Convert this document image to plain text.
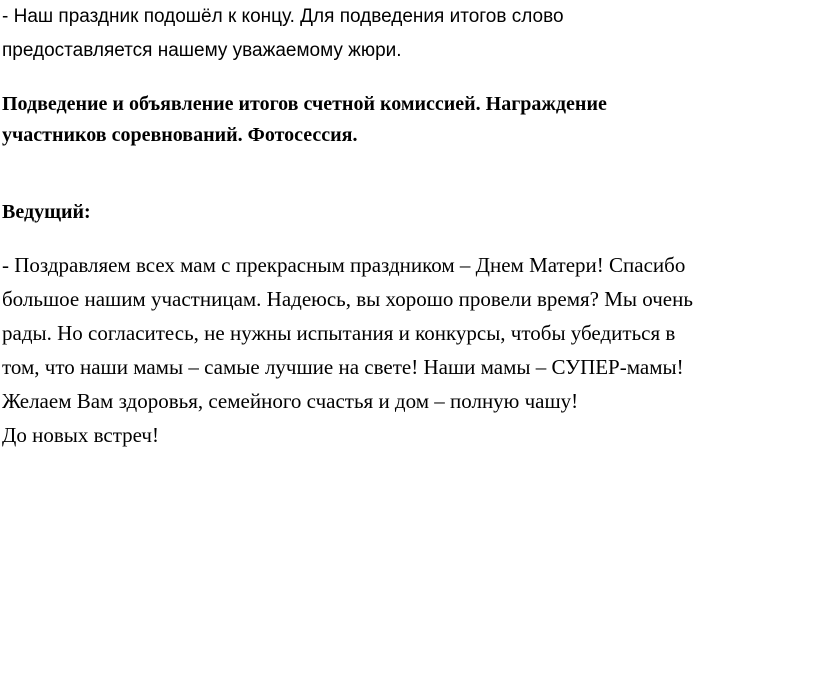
- Наш праздник подошёл к концу. Для подведения итогов слово
предоставляется нашему уважаемому жюри.
Подведение и объявление итогов счетной комиссией. Награждение
участников соревнований. Фотосессия.
Ведущий:
- Поздравляем всех мам с прекрасным праздником – Днем Матери! Спасибо
большое нашим участницам. Надеюсь, вы хорошо провели время? Мы очень
рады. Но согласитесь, не нужны испытания и конкурсы, чтобы убедиться в
том, что наши мамы – самые лучшие на свете! Наши мамы – СУПЕР-мамы!
Желаем Вам здоровья, семейного счастья и дом – полную чашу!
До новых встреч!
